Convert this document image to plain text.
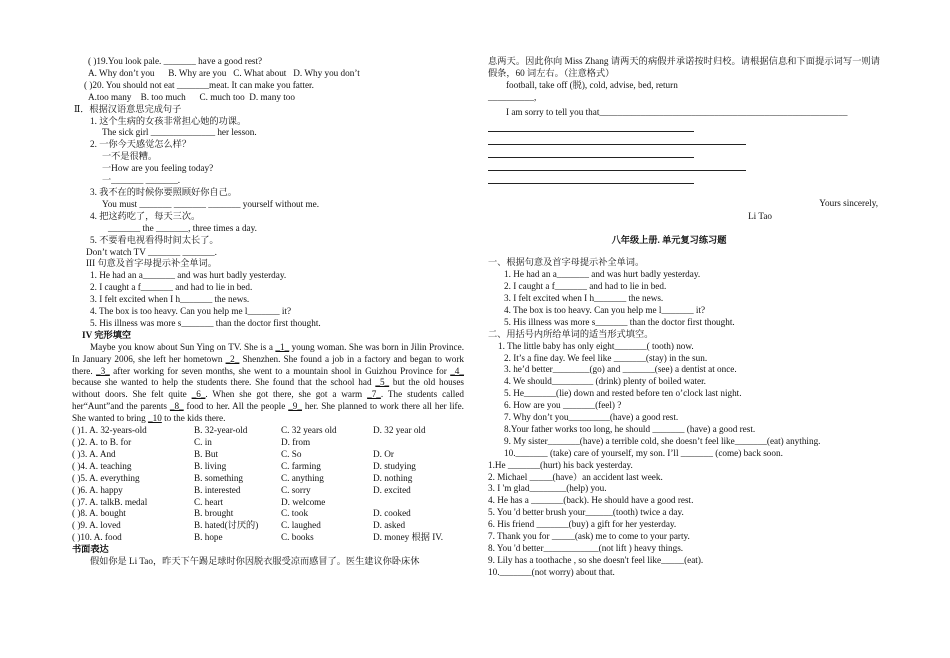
( )19.You look pale. _______ have a good rest?
A. Why don’t you      B. Why are you   C. What about   D. Why you don’t
( )20. You should not eat _______meat. It can make you fatter.
A.too many    B. too much      C. much too  D. many too
Ⅱ．根据汉语意思完成句子
1. 这个生病的女孩非常担心她的功课。
The sick girl ______________ her lesson.
2. 一你今天感觉怎么样？
一不是很糟。
一How are you feeling today?
一_______ _______.
3. 我不在的时候你要照顾好你自己。
You must _______ _______ _______ yourself without me.
4. 把这药吃了，每天三次。
_______ the _______, three times a day.
5. 不要看电视看得时间太长了。
Don’t watch TV _______ _______.
III 句意及首字母提示补全单词。
1. He had an a_______ and was hurt badly yesterday.
2. I caught a f_______ and had to lie in bed.
3. I felt excited when I h_______ the news.
4. The box is too heavy. Can you help me l_______ it?
5. His illness was more s_______ than the doctor first thought.
IV 完形填空
Maybe you know about Sun Ying on TV. She is a _1_ young woman. She was born in Jilin Province. In January 2006, she left her hometown _2_ Shenzhen. She found a job in a factory and began to work there. _3_ after working for seven months, she went to a mountain shool in Guizhou Province for _4_ because she wanted to help the students there. She found that the school had _5_ but the old houses without doors. She felt quite _6_. When she got there, she got a warm _7_. The students called her“Aunt”and the parents _8_ food to her. All the people _9_ her. She planned to work there all her life. She wanted to bring _10 to the kids there.
( )1. A. 32-years-old	B. 32-year-old	C. 32 years old	D. 32 year old
( )2. A. to B. for	C. in	D. from
( )3. A. And	B. But	C. So	D. Or
( )4. A. teaching	B. living	C. farming	D. studying
( )5. A. everything	B. something	C. anything	D. nothing
( )6. A. happy	B. interested	C. sorry	D. excited
( )7. A. talkB. medal	C. heart	D. welcome
( )8. A. bought	B. brought	C. took	D. cooked
( )9. A. loved	B. hated(讨厌的)	C. laughed	D. asked
( )10. A. food	B. hope	C. books	D. money 根据 IV.
书面表达
假如你是 Li Tao，昨天下午踢足球时你因脱衣服受凉而感冒了。医生建议你卧床休
息两天。因此你向 Miss Zhang 请两天的病假并承诺按时归校。请根据信息和下面提示词写一则请假条，60 词左右。（注意格式）
football, take off (脱), cold, advise, bed, return
__________,
I am sorry to tell you that______________________________________________________
Yours sincerely,
Li Tao
八年级上册. 单元复习练习题
一、根据句意及首字母提示补全单词。
1. He had an a_______ and was hurt badly yesterday.
2. I caught a f_______ and had to lie in bed.
3. I felt excited when I h_______ the news.
4. The box is too heavy. Can you help me l_______ it?
5. His illness was more s_______ than the doctor first thought.
二、用括号内所给单词的适当形式填空。
1. The little baby has only eight_______( tooth) now.
2. It’s a fine day. We feel like _______(stay) in the sun.
3. he’d better________(go) and _______(see) a dentist at once.
4. We should_________ (drink) plenty of boiled water.
5. He_______(lie) down and rested before ten o’clock last night.
6. How are you _______(feel) ?
7. Why don’t you_________(have) a good rest.
8.Your father works too long, he should _______ (have) a good rest.
9. My sister_______(have) a terrible cold, she doesn’t feel like_______(eat) anything.
10._______ (take) care of yourself, my son. I’ll _______ (come) back soon.
1.He _______(hurt) his back yesterday.
2. Michael _____(have）an accident last week.
3. I 'm glad________(help) you.
4. He has a _______(back). He should have a good rest.
5. You 'd better brush your______(tooth) twice a day.
6. His friend _______(buy) a gift for her yesterday.
7. Thank you for _____(ask) me to come to your party.
8. You 'd better____________(not lift ) heavy things.
9. Lily has a toothache , so she doesn't feel like_____(eat).
10._______(not worry) about that.
